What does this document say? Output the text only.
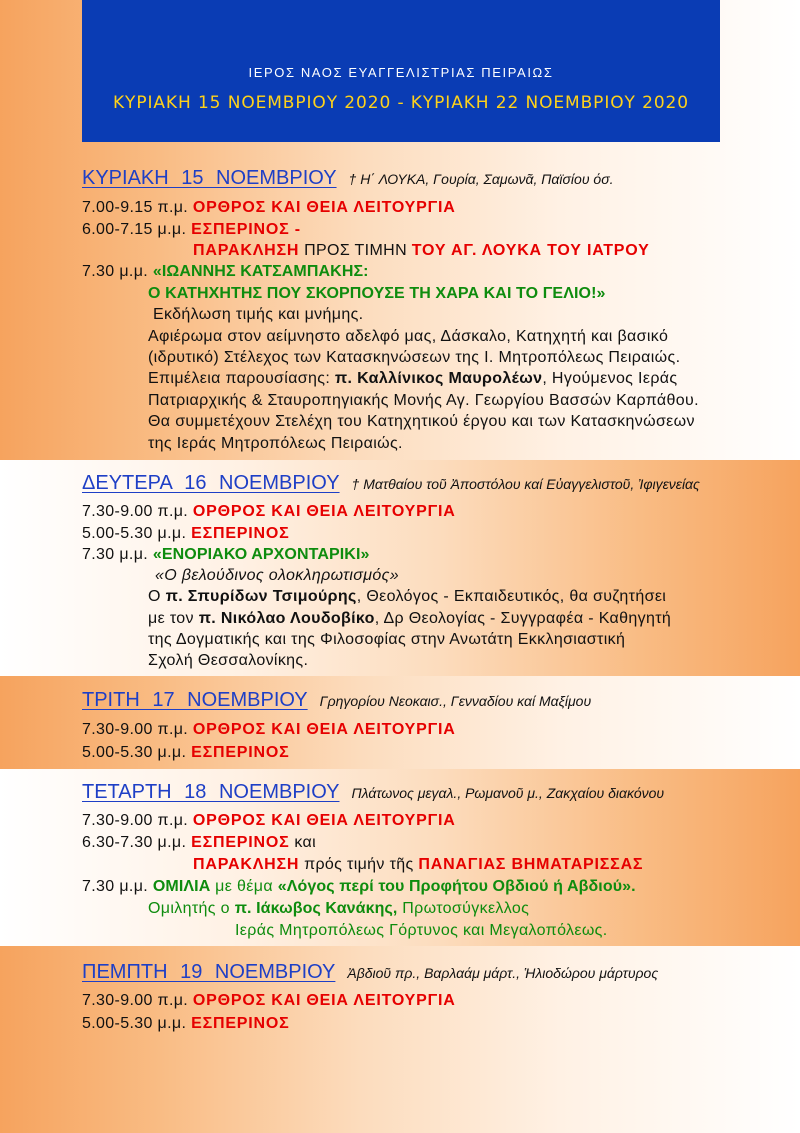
ΙΕΡΟΣ ΝΑΟΣ ΕΥΑΓΓΕΛΙΣΤΡΙΑΣ ΠΕΙΡΑΙΩΣ
ΚΥΡΙΑΚΗ 15 ΝΟΕΜΒΡΙΟΥ 2020 - ΚΥΡΙΑΚΗ 22 ΝΟΕΜΒΡΙΟΥ 2020
ΚΥΡΙΑΚΗ 15 ΝΟΕΜΒΡΙΟΥ † Η΄ ΛΟΥΚΑ, Γουρία, Σαμωνᾶ, Παϊσίου όσ.
7.00-9.15 π.μ. ΟΡΘΡΟΣ ΚΑΙ ΘΕΙΑ ΛΕΙΤΟΥΡΓΙΑ
6.00-7.15 μ.μ. ΕΣΠΕΡΙΝΟΣ -
ΠΑΡΑΚΛΗΣΗ ΠΡΟΣ ΤΙΜΗΝ ΤΟΥ ΑΓ. ΛΟΥΚΑ ΤΟΥ ΙΑΤΡΟΥ
7.30 μ.μ. «ΙΩΑΝΝΗΣ ΚΑΤΣΑΜΠΑΚΗΣ:
Ο ΚΑΤΗΧΗΤΗΣ ΠΟΥ ΣΚΟΡΠΟΥΣΕ ΤΗ ΧΑΡΑ ΚΑΙ ΤΟ ΓΕΛΙΟ!»
Εκδήλωση τιμής και μνήμης.
Αφιέρωμα στον αείμνηστο αδελφό μας, Δάσκαλο, Κατηχητή και βασικό
(ιδρυτικό) Στέλεχος των Κατασκηνώσεων της Ι. Μητροπόλεως Πειραιώς.
Επιμέλεια παρουσίασης: π. Καλλίνικος Μαυρολέων, Ηγούμενος Ιεράς
Πατριαρχικής & Σταυροπηγιακής Μονής Αγ. Γεωργίου Βασσών Καρπάθου.
Θα συμμετέχουν Στελέχη του Κατηχητικού έργου και των Κατασκηνώσεων
της Ιεράς Μητροπόλεως Πειραιώς.
ΔΕΥΤΕΡΑ 16 ΝΟΕΜΒΡΙΟΥ † Ματθαίου τοῦ Ἀποστόλου καί Εὐαγγελιστοῦ, Ἰφιγενείας
7.30-9.00 π.μ. ΟΡΘΡΟΣ ΚΑΙ ΘΕΙΑ ΛΕΙΤΟΥΡΓΙΑ
5.00-5.30 μ.μ. ΕΣΠΕΡΙΝΟΣ
7.30 μ.μ. «ΕΝΟΡΙΑΚΟ ΑΡΧΟΝΤΑΡΙΚΙ»
«Ο βελούδινος ολοκληρωτισμός»
Ο π. Σπυρίδων Τσιμούρης, Θεολόγος - Εκπαιδευτικός, θα συζητήσει
με τον π. Νικόλαο Λουδοβίκο, Δρ Θεολογίας - Συγγραφέα - Καθηγητή
της Δογματικής και της Φιλοσοφίας στην Ανωτάτη Εκκλησιαστική
Σχολή Θεσσαλονίκης.
ΤΡΙΤΗ 17 ΝΟΕΜΒΡΙΟΥ Γρηγορίου Νεοκαισ., Γενναδίου καί Μαξίμου
7.30-9.00 π.μ. ΟΡΘΡΟΣ ΚΑΙ ΘΕΙΑ ΛΕΙΤΟΥΡΓΙΑ
5.00-5.30 μ.μ. ΕΣΠΕΡΙΝΟΣ
ΤΕΤΑΡΤΗ 18 ΝΟΕΜΒΡΙΟΥ Πλάτωνος μεγαλ., Ρωμανοῦ μ., Ζακχαίου διακόνου
7.30-9.00 π.μ. ΟΡΘΡΟΣ ΚΑΙ ΘΕΙΑ ΛΕΙΤΟΥΡΓΙΑ
6.30-7.30 μ.μ. ΕΣΠΕΡΙΝΟΣ και
ΠΑΡΑΚΛΗΣΗ πρός τιμήν τῆς ΠΑΝΑΓΙΑΣ ΒΗΜΑΤΑΡΙΣΣΑΣ
7.30 μ.μ. ΟΜΙΛΙΑ με θέμα «Λόγος περί του Προφήτου Οβδιού ή Αβδιού».
Ομιλητής ο π. Ιάκωβος Κανάκης, Πρωτοσύγκελλος
Ιεράς Μητροπόλεως Γόρτυνος και Μεγαλοπόλεως.
ΠΕΜΠΤΗ 19 ΝΟΕΜΒΡΙΟΥ Ἀβδιοῦ πρ., Βαρλαάμ μάρτ., Ἡλιοδώρου μάρτυρος
7.30-9.00 π.μ. ΟΡΘΡΟΣ ΚΑΙ ΘΕΙΑ ΛΕΙΤΟΥΡΓΙΑ
5.00-5.30 μ.μ. ΕΣΠΕΡΙΝΟΣ
